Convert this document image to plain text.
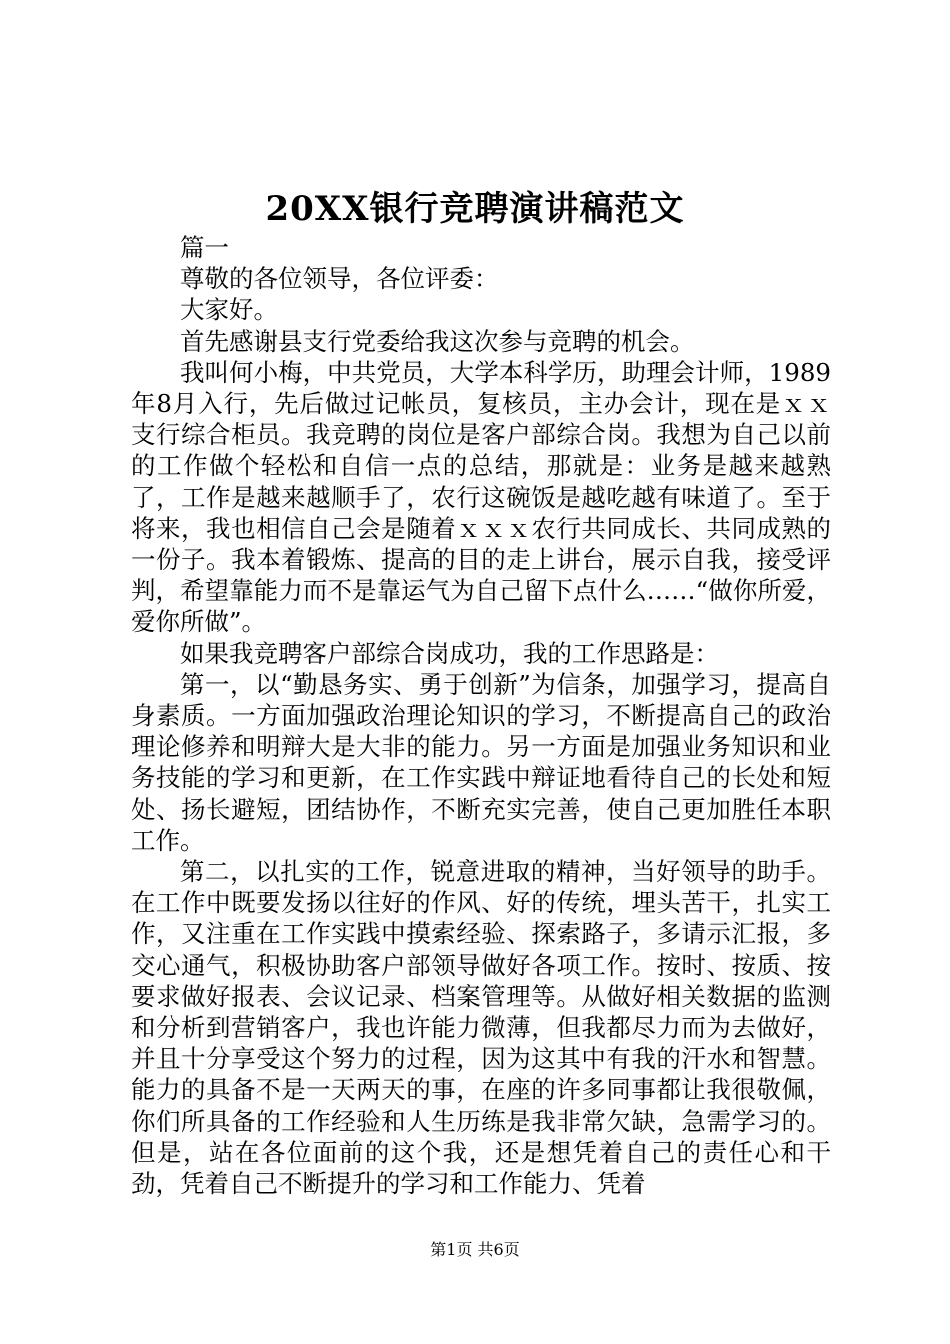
20XX银行竞聘演讲稿范文

篇一

尊敬的各位领导，各位评委：

大家好。

首先感谢县支行党委给我这次参与竞聘的机会。

我叫何小梅，中共党员，大学本科学历，助理会计师，1989年8月入行，先后做过记帐员，复核员，主办会计，现在是ｘｘ支行综合柜员。我竞聘的岗位是客户部综合岗。我想为自己以前的工作做个轻松和自信一点的总结，那就是：业务是越来越熟了，工作是越来越顺手了，农行这碗饭是越吃越有味道了。至于将来，我也相信自己会是随着ｘｘｘ农行共同成长、共同成熟的一份子。我本着锻炼、提高的目的走上讲台，展示自我，接受评判，希望靠能力而不是靠运气为自己留下点什么……“做你所爱，爱你所做”。

如果我竞聘客户部综合岗成功，我的工作思路是：

第一，以“勤恳务实、勇于创新”为信条，加强学习，提高自身素质。一方面加强政治理论知识的学习，不断提高自己的政治理论修养和明辩大是大非的能力。另一方面是加强业务知识和业务技能的学习和更新，在工作实践中辩证地看待自己的长处和短处、扬长避短，团结协作，不断充实完善，使自己更加胜任本职工作。

第二，以扎实的工作，锐意进取的精神，当好领导的助手。在工作中既要发扬以往好的作风、好的传统，埋头苦干，扎实工作，又注重在工作实践中摸索经验、探索路子，多请示汇报，多交心通气，积极协助客户部领导做好各项工作。按时、按质、按要求做好报表、会议记录、档案管理等。从做好相关数据的监测和分析到营销客户，我也许能力微薄，但我都尽力而为去做好，并且十分享受这个努力的过程，因为这其中有我的汗水和智慧。能力的具备不是一天两天的事，在座的许多同事都让我很敬佩，你们所具备的工作经验和人生历练是我非常欠缺，急需学习的。但是，站在各位面前的这个我，还是想凭着自己的责任心和干劲，凭着自己不断提升的学习和工作能力、凭着

第1页 共6页
